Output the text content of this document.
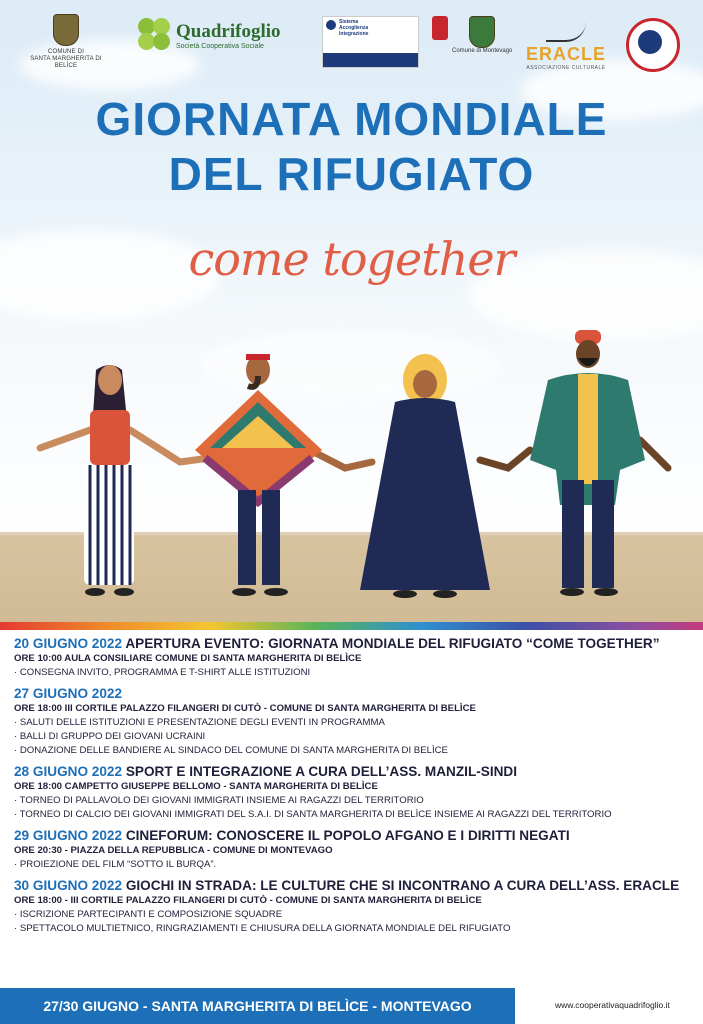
COMUNE DI
SANTA MARGHERITA DI BELÌCE
Quadrifoglio
Società Cooperativa Sociale
Sistema
Accoglienza
Integrazione
Comune di Montevago ERACLE
ASSOCIAZIONE CULTURALE
GIORNATA MONDIALE
DEL RIFUGIATO
come together
20 GIUGNO 2022 APERTURA EVENTO: GIORNATA MONDIALE DEL RIFUGIATO “COME TOGETHER”
ORE 10:00 AULA CONSILIARE COMUNE DI SANTA MARGHERITA DI BELÌCE
· CONSEGNA INVITO, PROGRAMMA E T-SHIRT ALLE ISTITUZIONI
27 GIUGNO 2022
ORE 18:00 III CORTILE PALAZZO FILANGERI DI CUTÒ - COMUNE DI SANTA MARGHERITA DI BELÌCE
· SALUTI DELLE ISTITUZIONI E PRESENTAZIONE DEGLI EVENTI IN PROGRAMMA
· BALLI DI GRUPPO DEI GIOVANI UCRAINI
· DONAZIONE DELLE BANDIERE AL SINDACO DEL COMUNE DI SANTA MARGHERITA DI BELÌCE
28 GIUGNO 2022 SPORT E INTEGRAZIONE A CURA DELL’ASS. MANZIL-SINDI
ORE 18:00 CAMPETTO GIUSEPPE BELLOMO - SANTA MARGHERITA DI BELÌCE
· TORNEO DI PALLAVOLO DEI GIOVANI IMMIGRATI INSIEME AI RAGAZZI DEL TERRITORIO
· TORNEO DI CALCIO DEI GIOVANI IMMIGRATI DEL S.A.I. DI SANTA MARGHERITA DI BELÌCE INSIEME AI RAGAZZI DEL TERRITORIO
29 GIUGNO 2022 CINEFORUM: CONOSCERE IL POPOLO AFGANO E I DIRITTI NEGATI
ORE 20:30 - PIAZZA DELLA REPUBBLICA - COMUNE DI MONTEVAGO
· PROIEZIONE DEL FILM “SOTTO IL BURQA”.
30 GIUGNO 2022 GIOCHI IN STRADA: LE CULTURE CHE SI INCONTRANO A CURA DELL’ASS. ERACLE
ORE 18:00 - III CORTILE PALAZZO FILANGERI DI CUTÒ - COMUNE DI SANTA MARGHERITA DI BELÌCE
· ISCRIZIONE PARTECIPANTI E COMPOSIZIONE SQUADRE
· SPETTACOLO MULTIETNICO, RINGRAZIAMENTI E CHIUSURA DELLA GIORNATA MONDIALE DEL RIFUGIATO
27/30 GIUGNO - SANTA MARGHERITA DI BELÌCE - MONTEVAGO	www.cooperativaquadrifoglio.it
